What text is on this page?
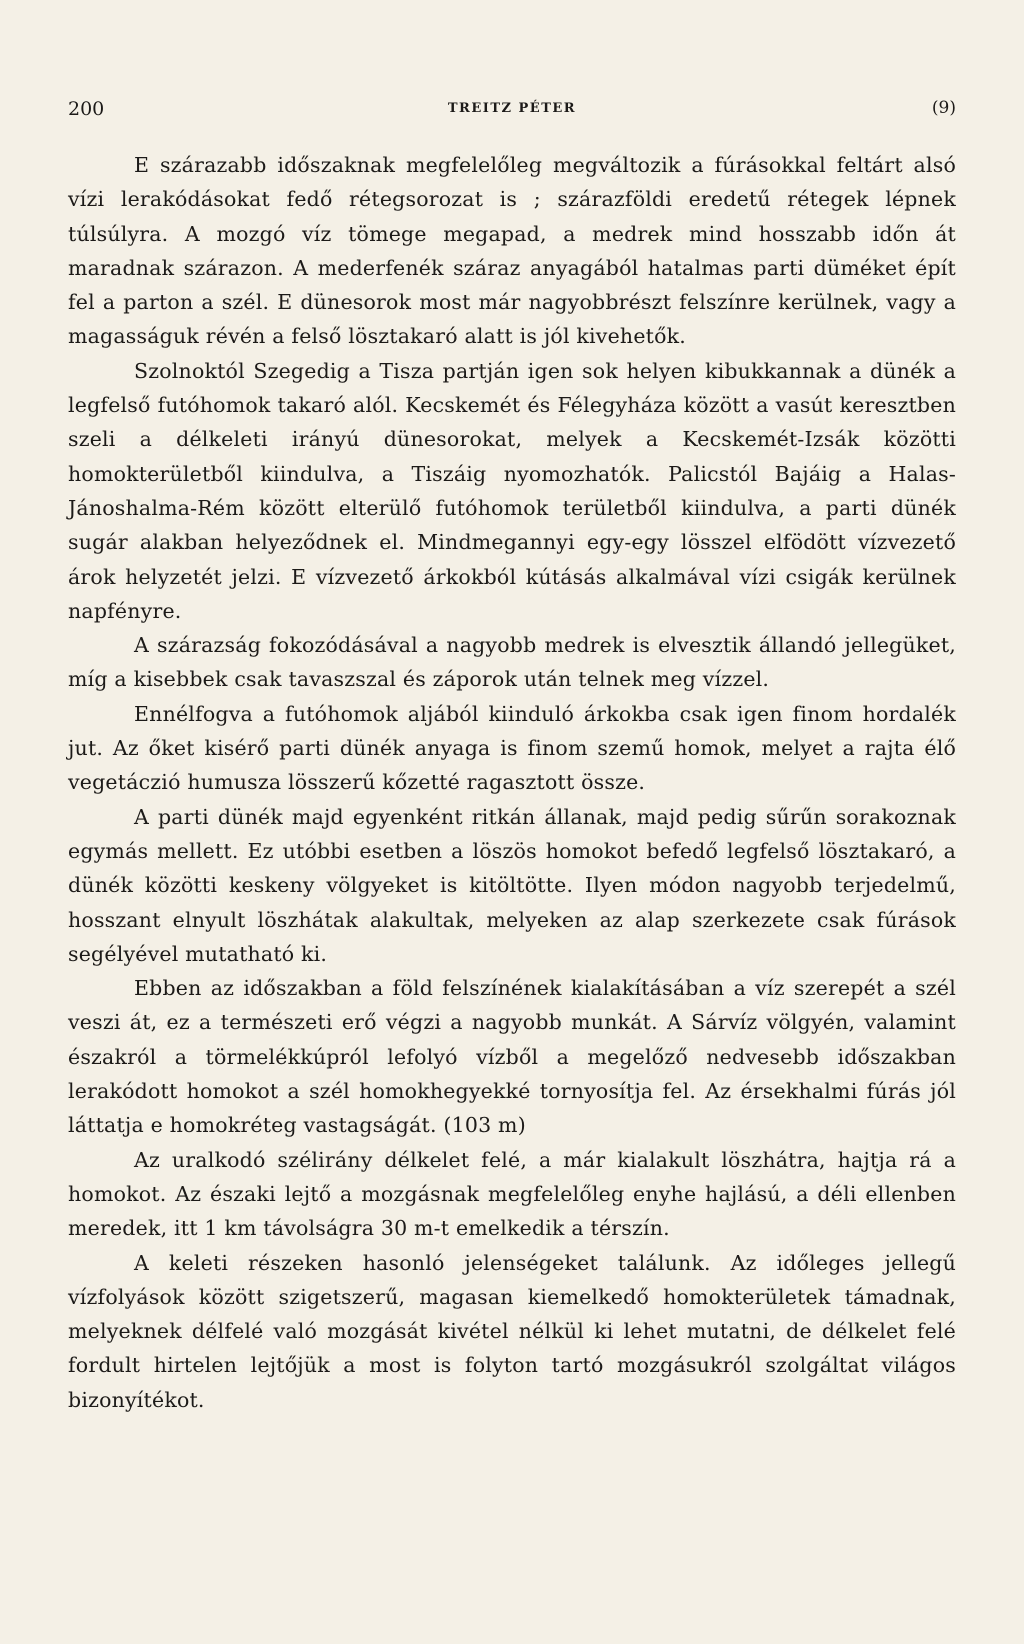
200	TREITZ PÉTER	(9)

E szárazabb időszaknak megfelelőleg megváltozik a fúrásokkal feltárt alsó vízi lerakódásokat fedő rétegsorozat is ; szárazföldi eredetű rétegek lépnek túlsúlyra. A mozgó víz tömege megapad, a medrek mind hosszabb időn át maradnak szárazon. A mederfenék száraz anyagából hatalmas parti düméket épít fel a parton a szél. E dünesorok most már nagyobbrészt felszínre kerülnek, vagy a magasságuk révén a felső lösztakaró alatt is jól kivehetők.

Szolnoktól Szegedig a Tisza partján igen sok helyen kibukkannak a dünék a legfelső futóhomok takaró alól. Kecskemét és Félegyháza között a vasút keresztben szeli a délkeleti irányú dünesorokat, melyek a Kecskemét-Izsák közötti homokterületből kiindulva, a Tiszáig nyomozhatók. Palicstól Bajáig a Halas-Jánoshalma-Rém között elterülő futóhomok területből kiindulva, a parti dünék sugár alakban helyeződnek el. Mindmegannyi egy-egy lösszel elfödött vízvezető árok helyzetét jelzi. E vízvezető árkokból kútásás alkalmával vízi csigák kerülnek napfényre.

A szárazság fokozódásával a nagyobb medrek is elvesztik állandó jellegüket, míg a kisebbek csak tavaszszal és záporok után telnek meg vízzel.

Ennélfogva a futóhomok aljából kiinduló árkokba csak igen finom hordalék jut. Az őket kisérő parti dünék anyaga is finom szemű homok, melyet a rajta élő vegetáczió humusza lösszerű kőzetté ragasztott össze.

A parti dünék majd egyenként ritkán állanak, majd pedig sűrűn sorakoznak egymás mellett. Ez utóbbi esetben a löszös homokot befedő legfelső lösztakaró, a dünék közötti keskeny völgyeket is kitöltötte. Ilyen módon nagyobb terjedelmű, hosszant elnyult löszhátak alakultak, melyeken az alap szerkezete csak fúrások segélyével mutatható ki.

Ebben az időszakban a föld felszínének kialakításában a víz szerepét a szél veszi át, ez a természeti erő végzi a nagyobb munkát. A Sárvíz völgyén, valamint északról a törmelékkúpról lefolyó vízből a megelőző nedvesebb időszakban lerakódott homokot a szél homokhegyekké tornyosítja fel. Az érsekhalmi fúrás jól láttatja e homokréteg vastagságát. (103 m)

Az uralkodó szélirány délkelet felé, a már kialakult löszhátra, hajtja rá a homokot. Az északi lejtő a mozgásnak megfelelőleg enyhe hajlású, a déli ellenben meredek, itt 1 km távolságra 30 m-t emelkedik a térszín.

A keleti részeken hasonló jelenségeket találunk. Az időleges jellegű vízfolyások között szigetszerű, magasan kiemelkedő homokterületek támadnak, melyeknek délfelé való mozgását kivétel nélkül ki lehet mutatni, de délkelet felé fordult hirtelen lejtőjük a most is folyton tartó mozgásukról szolgáltat világos bizonyítékot.
